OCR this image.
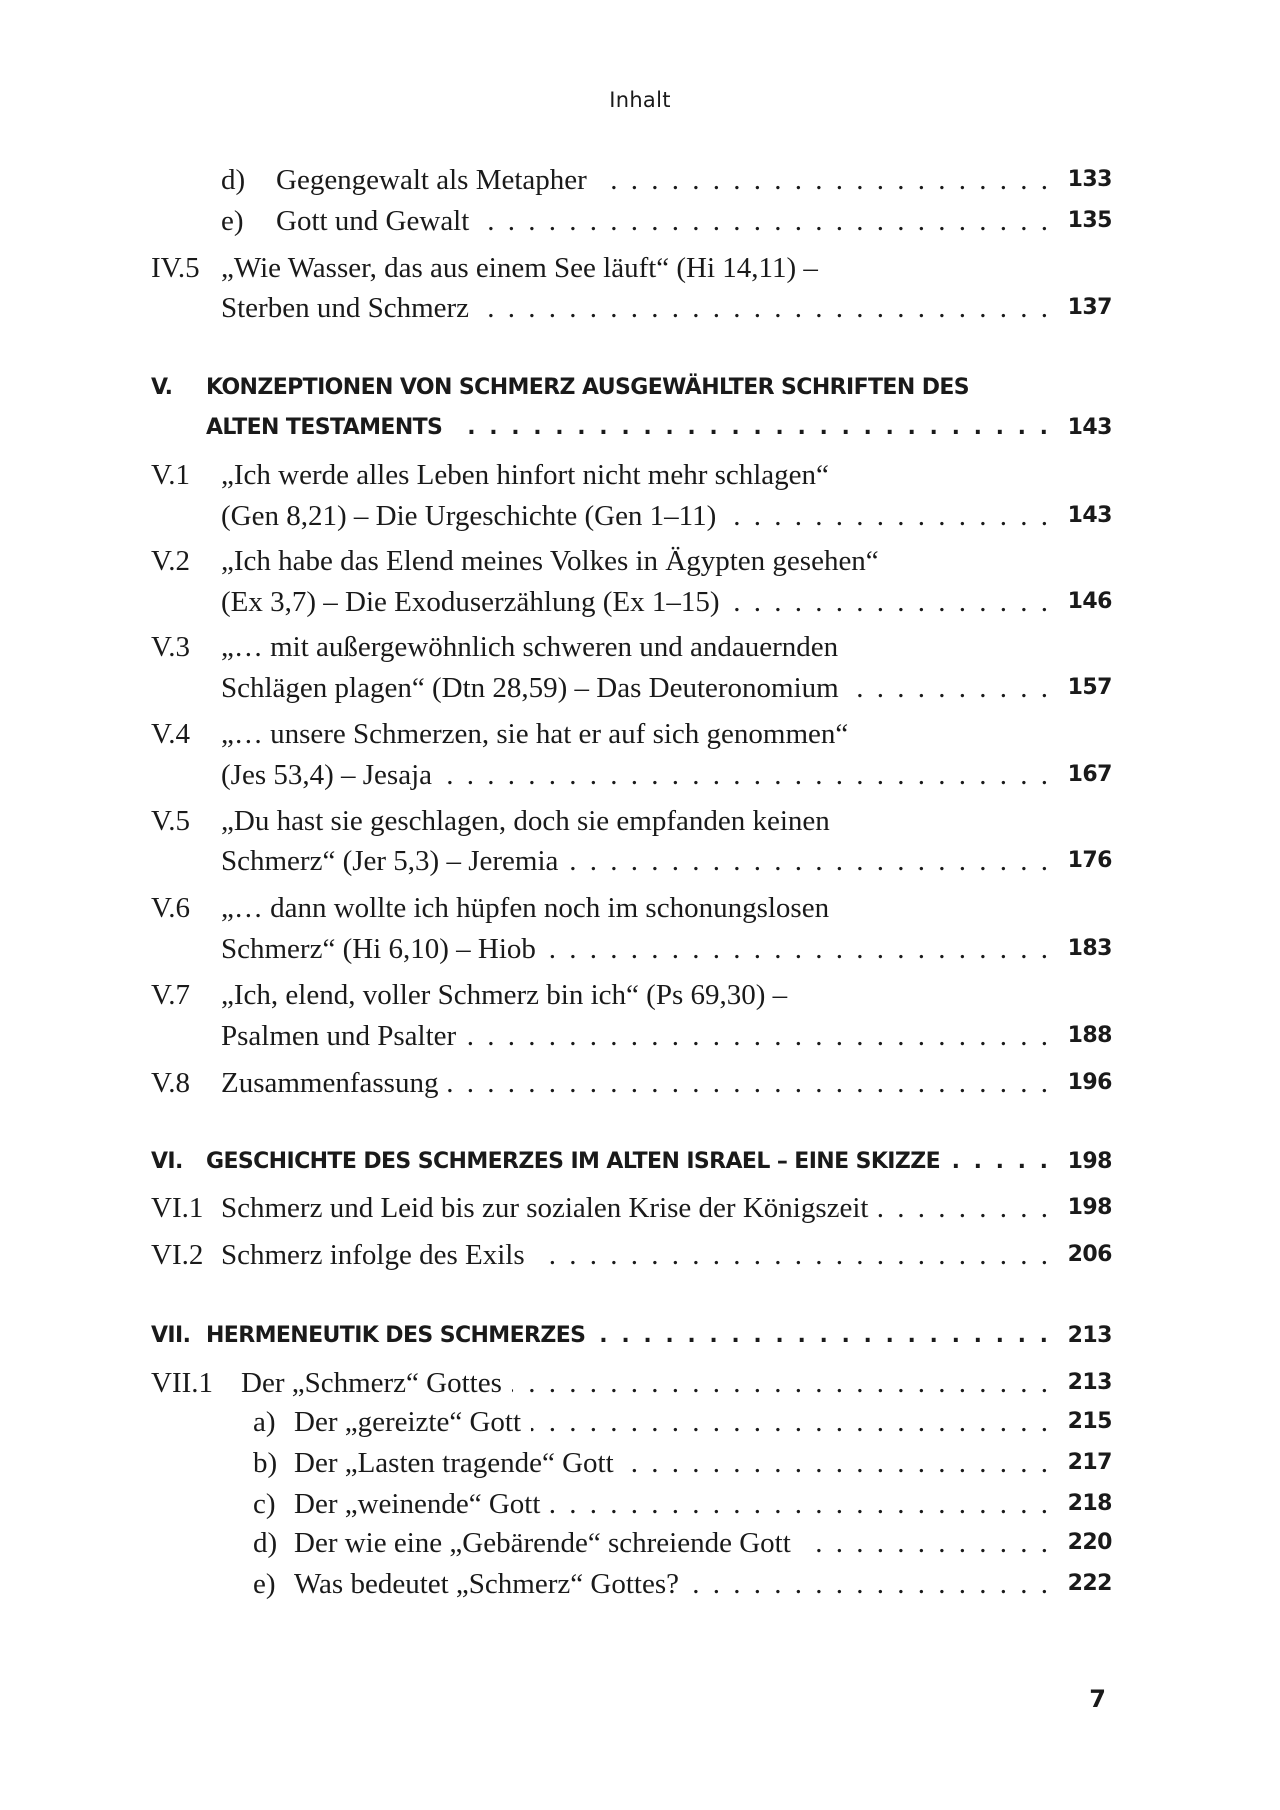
Inhalt
d) Gegengewalt als Metapher . . .	133
e) Gott und Gewalt . . .	135
IV.5 „Wie Wasser, das aus einem See läuft“ (Hi 14,11) –
Sterben und Schmerz . . .	137
V. KONZEPTIONEN VON SCHMERZ AUSGEWÄHLTER SCHRIFTEN DES
ALTEN TESTAMENTS . . .	143
V.1 „Ich werde alles Leben hinfort nicht mehr schlagen“
(Gen 8,21) – Die Urgeschichte (Gen 1–11) . . .	143
V.2 „Ich habe das Elend meines Volkes in Ägypten gesehen“
(Ex 3,7) – Die Exoduserzählung (Ex 1–15) . . .	146
V.3 „… mit außergewöhnlich schweren und andauernden
Schlägen plagen“ (Dtn 28,59) – Das Deuteronomium . . .	157
V.4 „… unsere Schmerzen, sie hat er auf sich genommen“
(Jes 53,4) – Jesaja . . .	167
V.5 „Du hast sie geschlagen, doch sie empfanden keinen
Schmerz“ (Jer 5,3) – Jeremia . . .	176
V.6 „… dann wollte ich hüpfen noch im schonungslosen
Schmerz“ (Hi 6,10) – Hiob . . .	183
V.7 „Ich, elend, voller Schmerz bin ich“ (Ps 69,30) –
Psalmen und Psalter . . .	188
V.8 Zusammenfassung . . .	196
VI. GESCHICHTE DES SCHMERZES IM ALTEN ISRAEL – EINE SKIZZE . . .	198
VI.1 Schmerz und Leid bis zur sozialen Krise der Königszeit . . .	198
VI.2 Schmerz infolge des Exils . . .	206
VII. HERMENEUTIK DES SCHMERZES . . .	213
VII.1 Der „Schmerz“ Gottes . . .	213
a) Der „gereizte“ Gott . . .	215
b) Der „Lasten tragende“ Gott . . .	217
c) Der „weinende“ Gott . . .	218
d) Der wie eine „Gebärende“ schreiende Gott . . .	220
e) Was bedeutet „Schmerz“ Gottes? . . .	222
7
